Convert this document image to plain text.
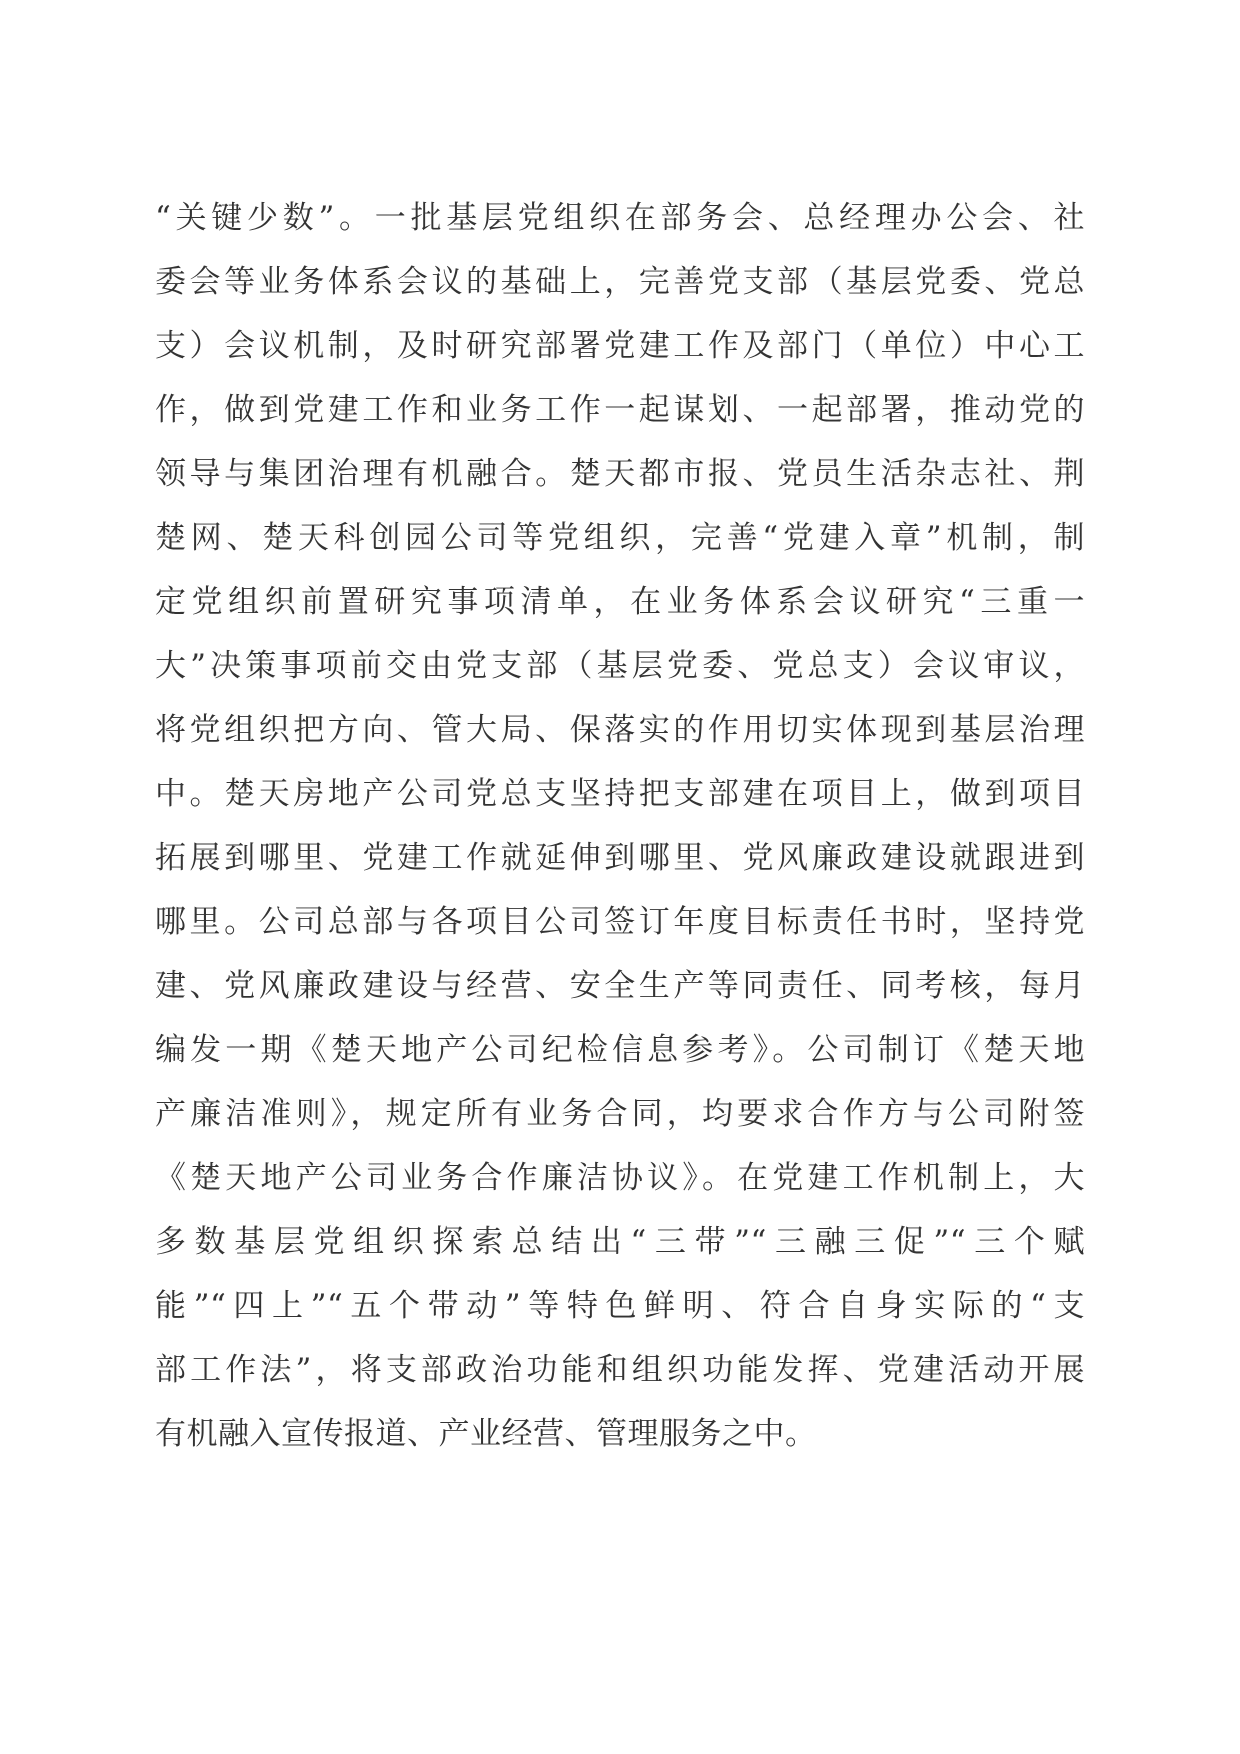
“关键少数”。一批基层党组织在部务会、总经理办公会、社
委会等业务体系会议的基础上，完善党支部（基层党委、党总
支）会议机制，及时研究部署党建工作及部门（单位）中心工
作，做到党建工作和业务工作一起谋划、一起部署，推动党的
领导与集团治理有机融合。楚天都市报、党员生活杂志社、荆
楚网、楚天科创园公司等党组织，完善“党建入章”机制，制
定党组织前置研究事项清单，在业务体系会议研究“三重一
大”决策事项前交由党支部（基层党委、党总支）会议审议，
将党组织把方向、管大局、保落实的作用切实体现到基层治理
中。楚天房地产公司党总支坚持把支部建在项目上，做到项目
拓展到哪里、党建工作就延伸到哪里、党风廉政建设就跟进到
哪里。公司总部与各项目公司签订年度目标责任书时，坚持党
建、党风廉政建设与经营、安全生产等同责任、同考核，每月
编发一期《楚天地产公司纪检信息参考》。公司制订《楚天地
产廉洁准则》，规定所有业务合同，均要求合作方与公司附签
《楚天地产公司业务合作廉洁协议》。在党建工作机制上，大
多数基层党组织探索总结出“三带”“三融三促”“三个赋
能”“四上”“五个带动”等特色鲜明、符合自身实际的“支
部工作法”，将支部政治功能和组织功能发挥、党建活动开展
有机融入宣传报道、产业经营、管理服务之中。
